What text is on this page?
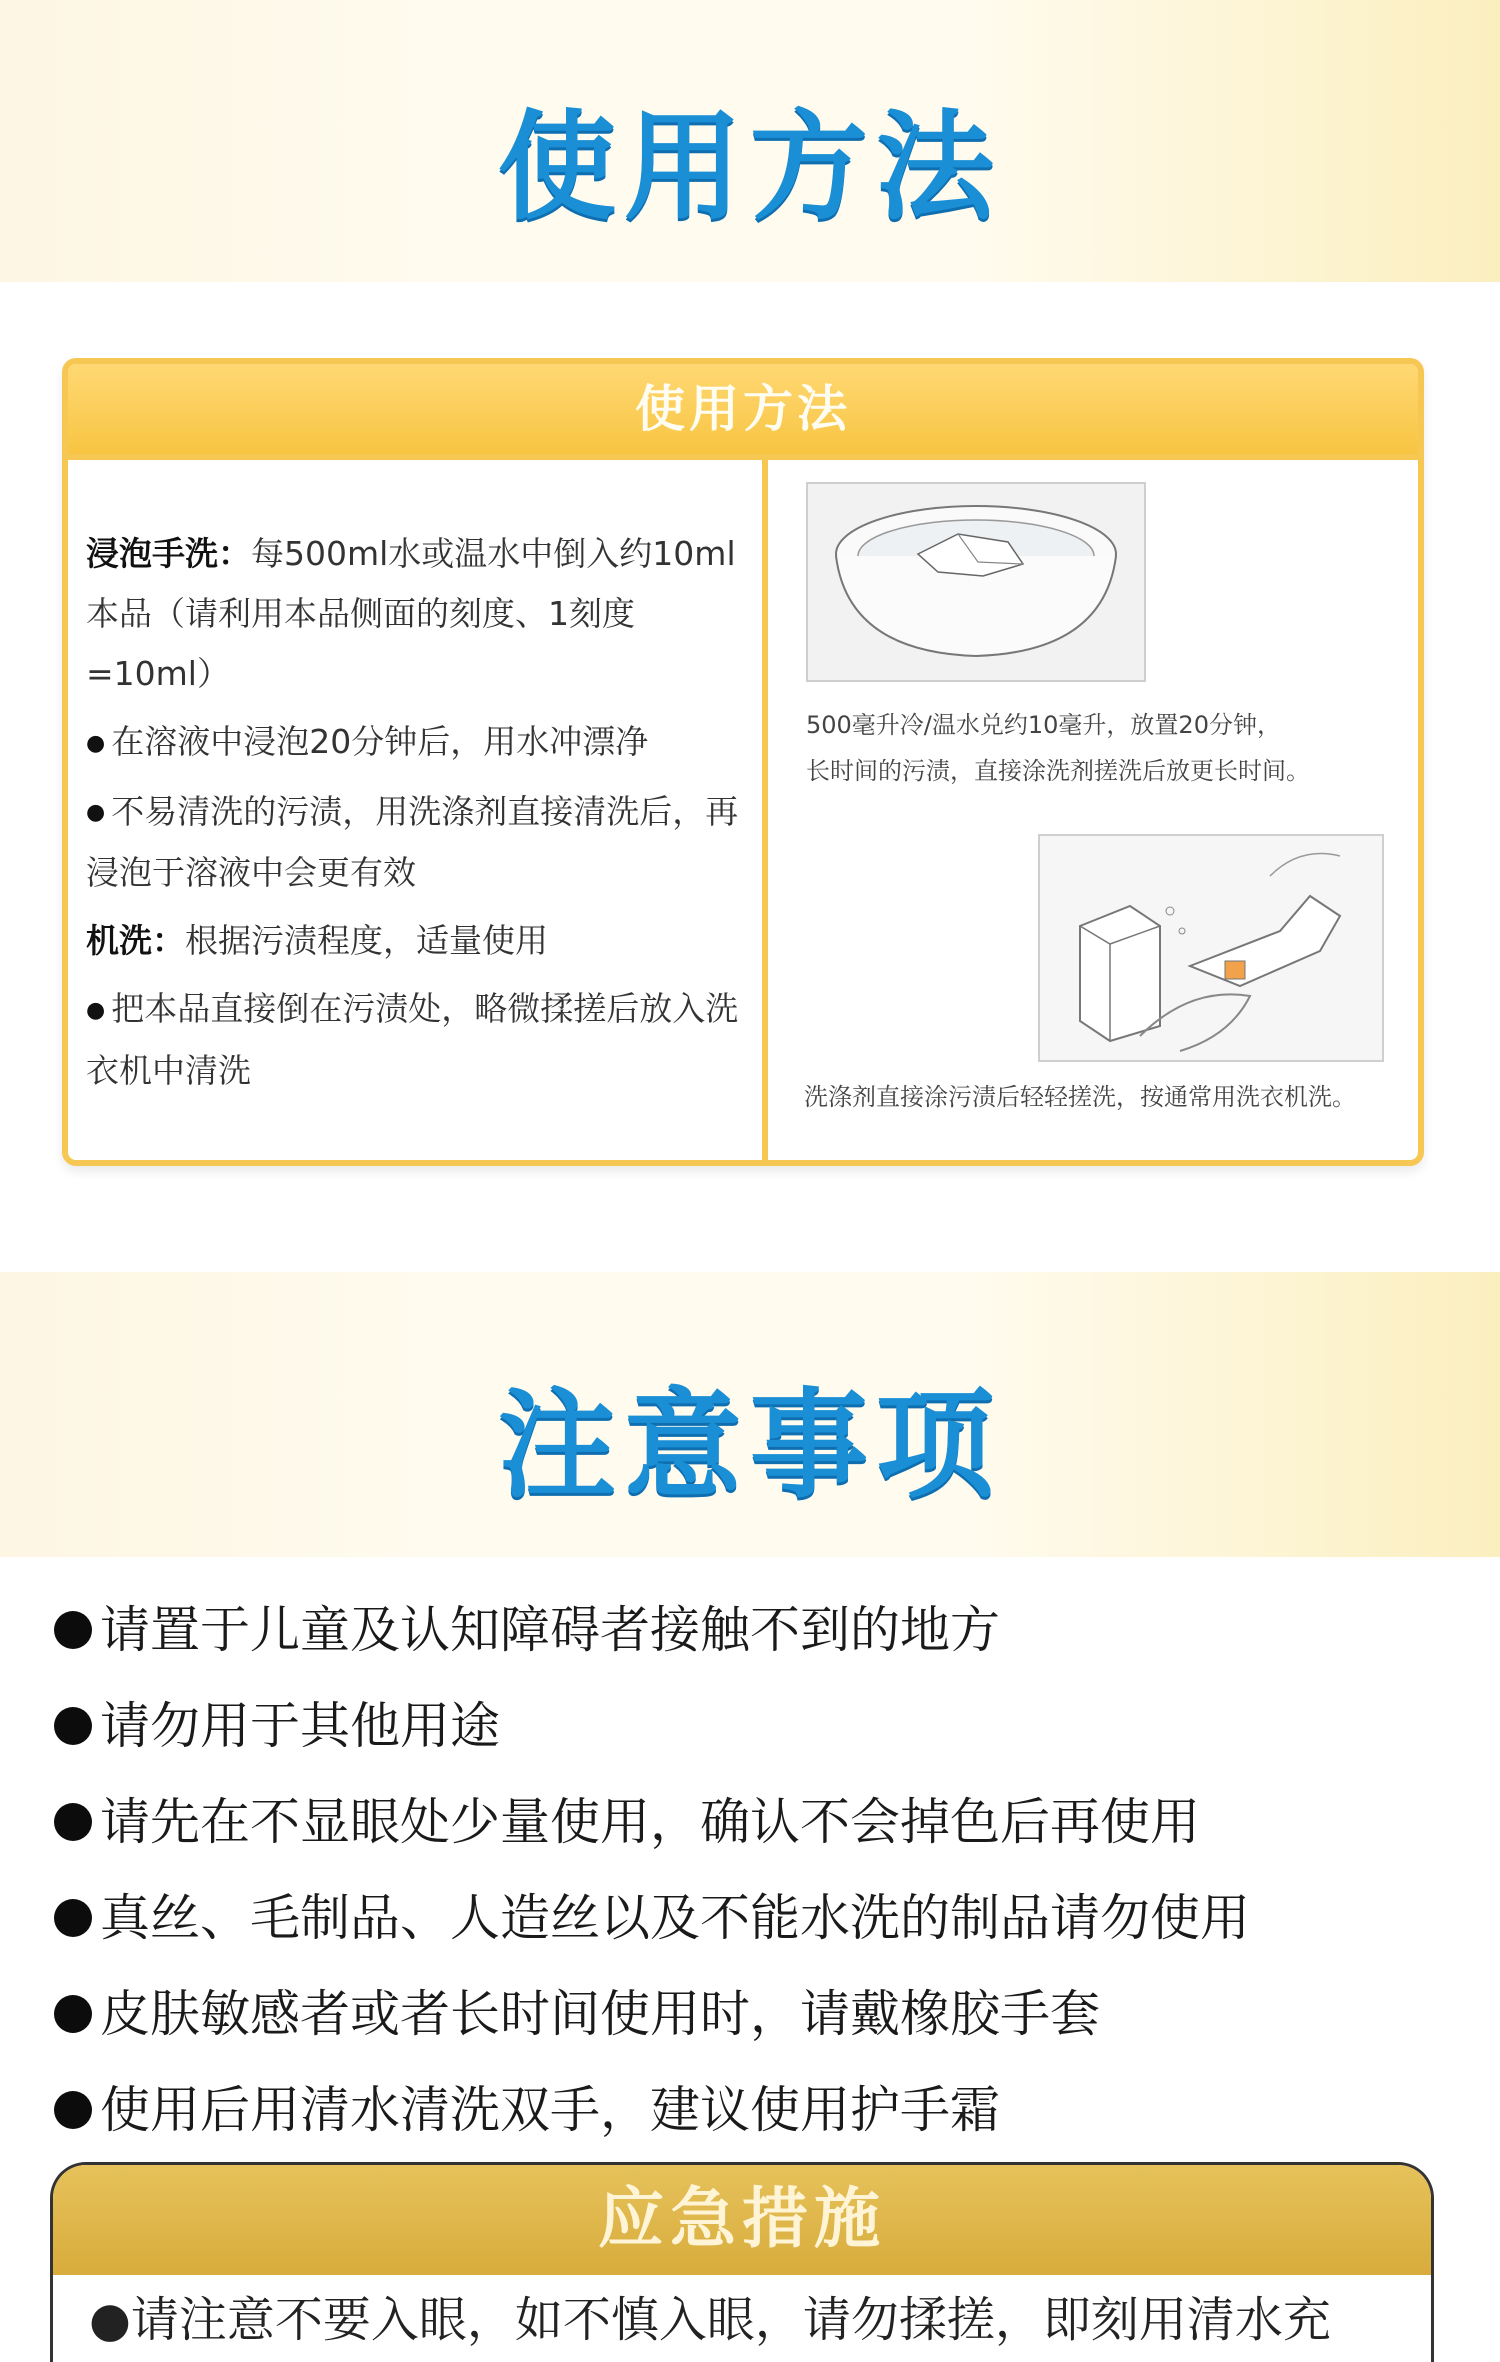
使用方法
使用方法

浸泡手洗：每500ml水或温水中倒入约10ml本品（请利用本品侧面的刻度、1刻度=10ml）

● 在溶液中浸泡20分钟后，用水冲漂净

● 不易清洗的污渍，用洗涤剂直接清洗后，再浸泡于溶液中会更有效

机洗：根据污渍程度，适量使用

● 把本品直接倒在污渍处，略微揉搓后放入洗衣机中清洗

500毫升冷/温水兑约10毫升，放置20分钟，
长时间的污渍，直接涂洗剂搓洗后放更长时间。
洗涤剂直接涂污渍后轻轻搓洗，按通常用洗衣机洗。
注意事项
请置于儿童及认知障碍者接触不到的地方
请勿用于其他用途
请先在不显眼处少量使用，确认不会掉色后再使用
真丝、毛制品、人造丝以及不能水洗的制品请勿使用
皮肤敏感者或者长时间使用时，请戴橡胶手套
使用后用清水清洗双手，建议使用护手霜
应急措施
●请注意不要入眼，如不慎入眼，请勿揉搓，即刻用清水充
